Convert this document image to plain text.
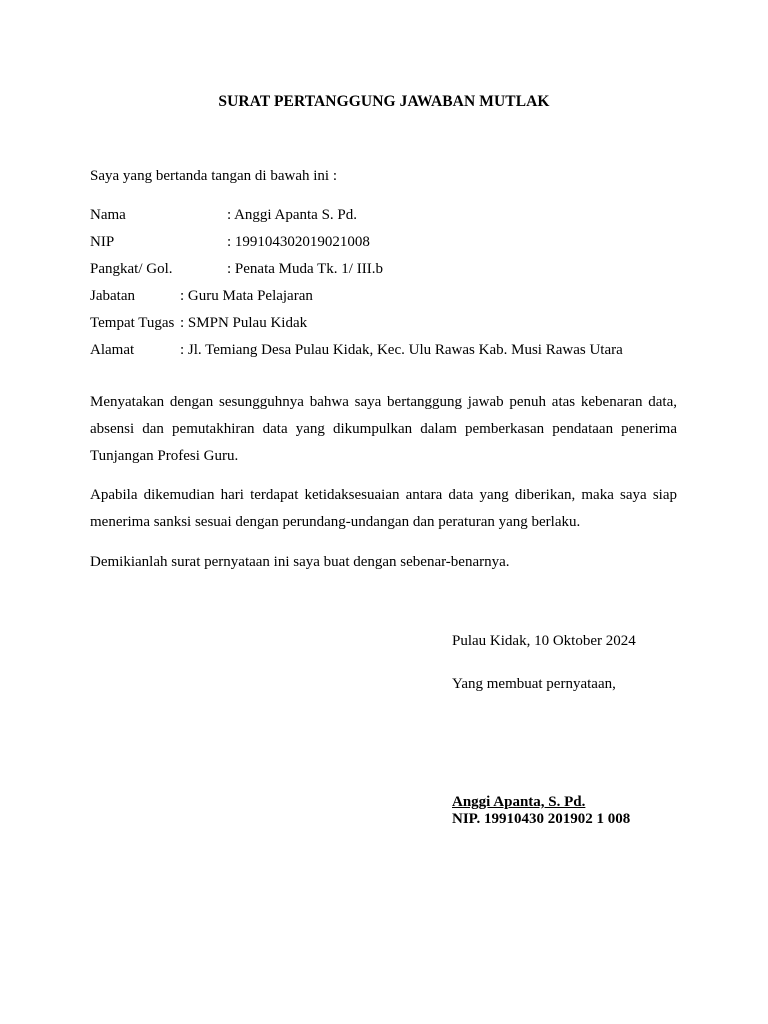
SURAT PERTANGGUNG JAWABAN MUTLAK
Saya yang bertanda tangan di bawah ini :
Nama	: Anggi Apanta S. Pd.
NIP	: 199104302019021008
Pangkat/ Gol.	: Penata Muda Tk. 1/ III.b
Jabatan	: Guru Mata Pelajaran
Tempat Tugas : SMPN Pulau Kidak
Alamat	: Jl. Temiang Desa Pulau Kidak, Kec. Ulu Rawas Kab. Musi Rawas Utara
Menyatakan dengan sesungguhnya bahwa saya bertanggung jawab penuh atas kebenaran data, absensi dan pemutakhiran data yang dikumpulkan dalam pemberkasan pendataan penerima Tunjangan Profesi Guru.
Apabila dikemudian hari terdapat ketidaksesuaian antara data yang diberikan, maka saya siap menerima sanksi sesuai dengan perundang-undangan dan peraturan yang berlaku.
Demikianlah surat pernyataan ini saya buat dengan sebenar-benarnya.
Pulau Kidak, 10 Oktober 2024
Yang membuat pernyataan,
Anggi Apanta, S. Pd.
NIP. 19910430 201902 1 008
